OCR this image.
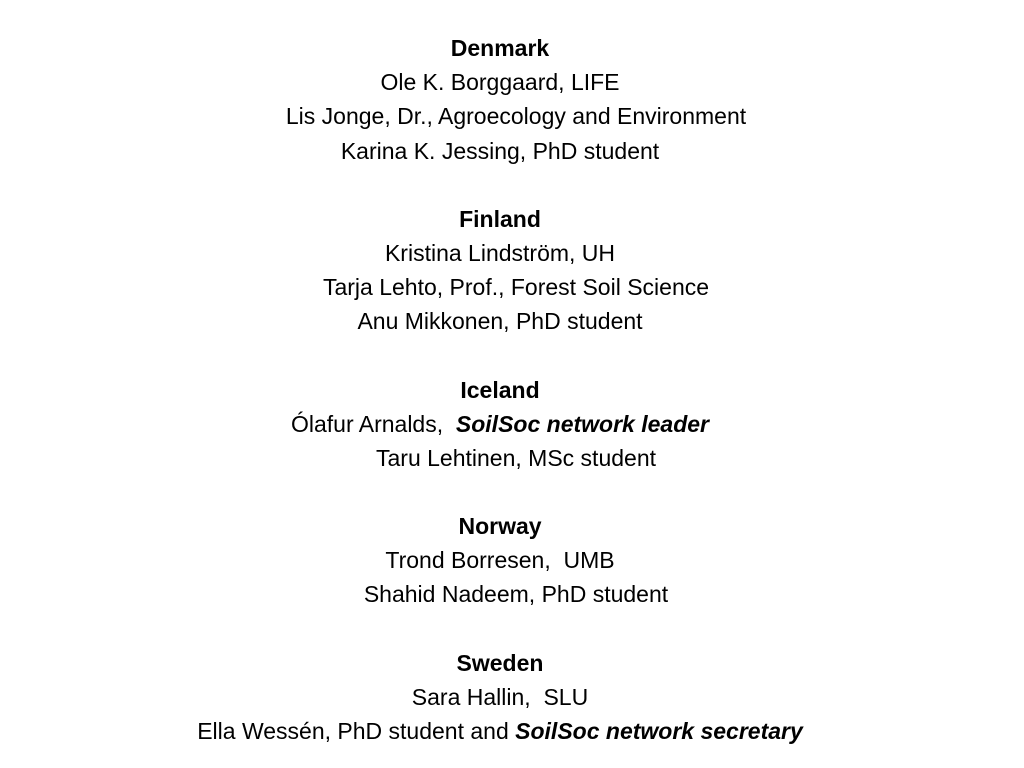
Denmark
Ole K. Borggaard, LIFE
Lis Jonge, Dr., Agroecology and Environment
Karina K. Jessing, PhD student
Finland
Kristina Lindström, UH
Tarja Lehto, Prof., Forest Soil Science
Anu Mikkonen, PhD student
Iceland
Ólafur Arnalds, SoilSoc network leader
Taru Lehtinen, MSc student
Norway
Trond Borresen,  UMB
Shahid Nadeem, PhD student
Sweden
Sara Hallin,  SLU
Ella Wessén, PhD student and SoilSoc network secretary
